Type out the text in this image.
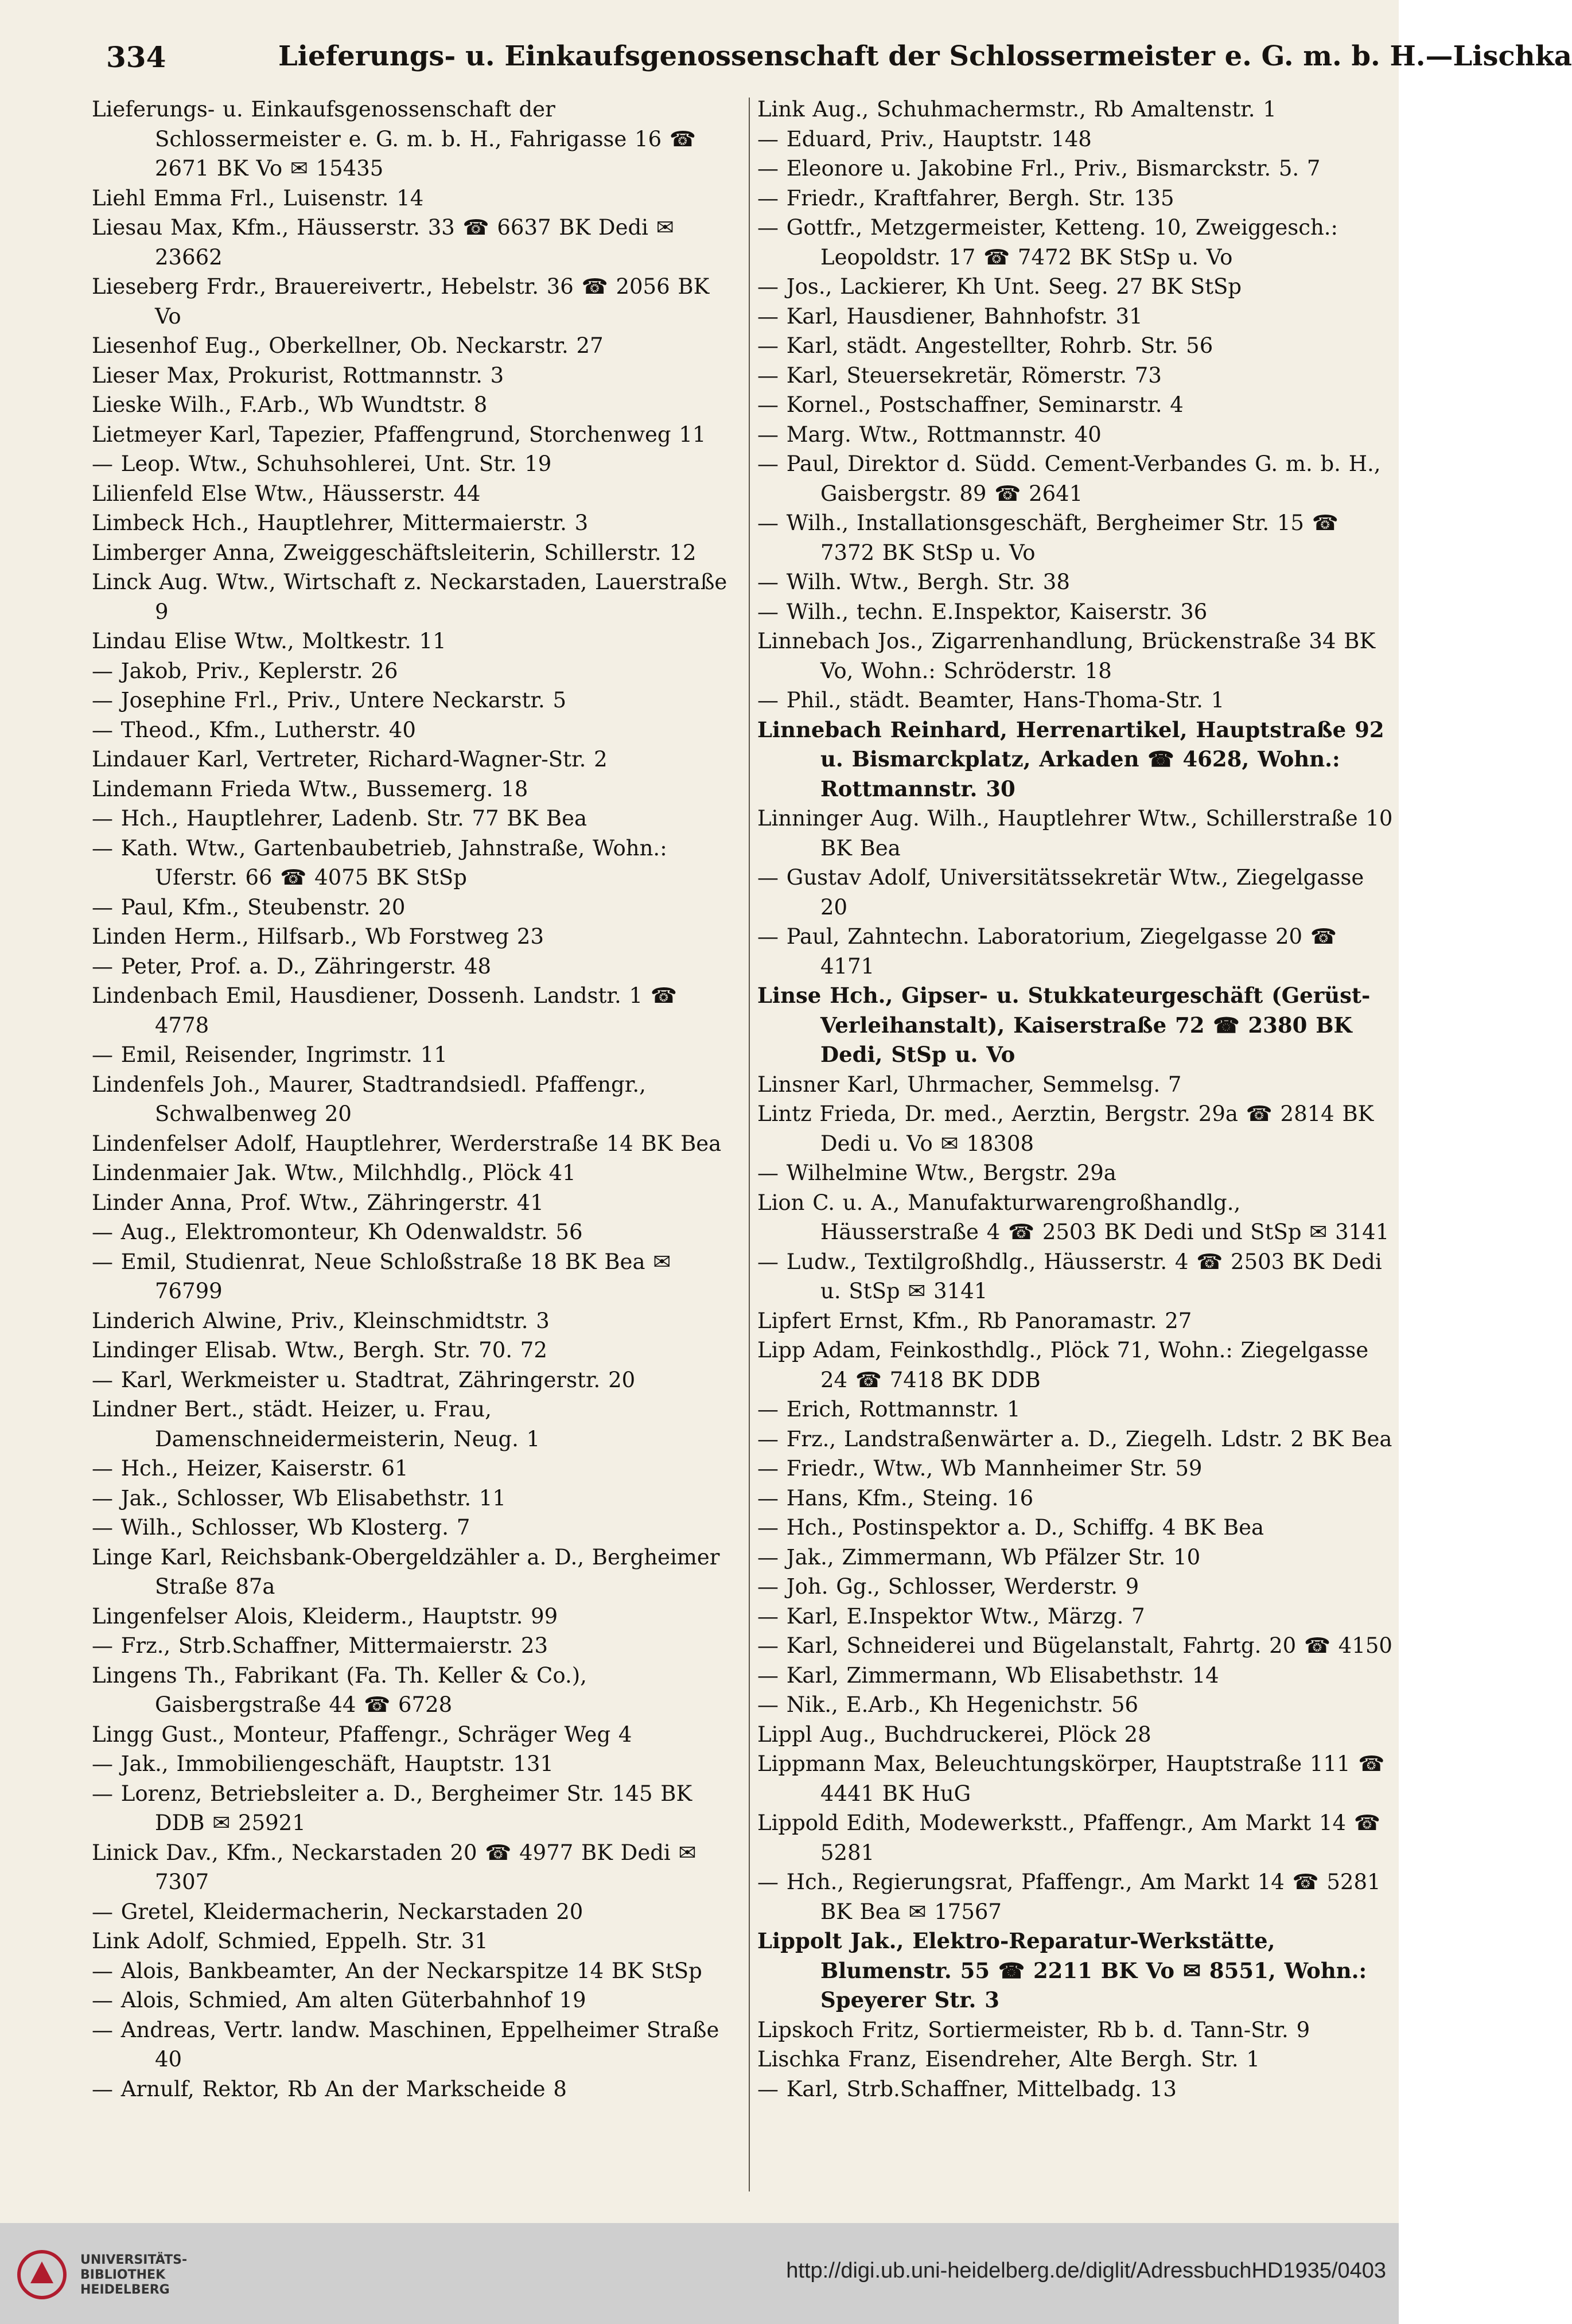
334	Lieferungs- u. Einkaufsgenossenschaft der Schlossermeister e. G. m. b. H.—Lischka
Lieferungs- u. Einkaufsgenossenschaft der Schlossermeister e. G. m. b. H., Fahrigasse 16 ☎ 2671 BK Vo ✉ 15435
Liehl Emma Frl., Luisenstr. 14
Liesau Max, Kfm., Häusserstr. 33 ☎ 6637 BK Dedi ✉ 23662
Lieseberg Frdr., Brauereivertr., Hebelstr. 36 ☎ 2056 BK Vo
Liesenhof Eug., Oberkellner, Ob. Neckarstr. 27
Lieser Max, Prokurist, Rottmannstr. 3
Lieske Wilh., F.Arb., Wb Wundtstr. 8
Lietmeyer Karl, Tapezier, Pfaffengrund, Storchenweg 11
— Leop. Wtw., Schuhsohlerei, Unt. Str. 19
Lilienfeld Else Wtw., Häusserstr. 44
Limbeck Hch., Hauptlehrer, Mittermaierstr. 3
Limberger Anna, Zweiggeschäftsleiterin, Schillerstr. 12
Linck Aug. Wtw., Wirtschaft z. Neckarstaden, Lauerstraße 9
Lindau Elise Wtw., Moltkestr. 11
— Jakob, Priv., Keplerstr. 26
— Josephine Frl., Priv., Untere Neckarstr. 5
— Theod., Kfm., Lutherstr. 40
Lindauer Karl, Vertreter, Richard-Wagner-Str. 2
Lindemann Frieda Wtw., Bussemerg. 18
— Hch., Hauptlehrer, Ladenb. Str. 77 BK Bea
— Kath. Wtw., Gartenbaubetrieb, Jahnstraße, Wohn.: Uferstr. 66 ☎ 4075 BK StSp
— Paul, Kfm., Steubenstr. 20
Linden Herm., Hilfsarb., Wb Forstweg 23
— Peter, Prof. a. D., Zähringerstr. 48
Lindenbach Emil, Hausdiener, Dossenh. Landstr. 1 ☎ 4778
— Emil, Reisender, Ingrimstr. 11
Lindenfels Joh., Maurer, Stadtrandsiedl. Pfaffengr., Schwalbenweg 20
Lindenfelser Adolf, Hauptlehrer, Werderstraße 14 BK Bea
Lindenmaier Jak. Wtw., Milchhdlg., Plöck 41
Linder Anna, Prof. Wtw., Zähringerstr. 41
— Aug., Elektromonteur, Kh Odenwaldstr. 56
— Emil, Studienrat, Neue Schloßstraße 18 BK Bea ✉ 76799
Linderich Alwine, Priv., Kleinschmidtstr. 3
Lindinger Elisab. Wtw., Bergh. Str. 70. 72
— Karl, Werkmeister u. Stadtrat, Zähringerstr. 20
Lindner Bert., städt. Heizer, u. Frau, Damenschneidermeisterin, Neug. 1
— Hch., Heizer, Kaiserstr. 61
— Jak., Schlosser, Wb Elisabethstr. 11
— Wilh., Schlosser, Wb Klosterg. 7
Linge Karl, Reichsbank-Obergeldzähler a. D., Bergheimer Straße 87a
Lingenfelser Alois, Kleiderm., Hauptstr. 99
— Frz., Strb.Schaffner, Mittermaierstr. 23
Lingens Th., Fabrikant (Fa. Th. Keller & Co.), Gaisbergstraße 44 ☎ 6728
Lingg Gust., Monteur, Pfaffengr., Schräger Weg 4
— Jak., Immobiliengeschäft, Hauptstr. 131
— Lorenz, Betriebsleiter a. D., Bergheimer Str. 145 BK DDB ✉ 25921
Linick Dav., Kfm., Neckarstaden 20 ☎ 4977 BK Dedi ✉ 7307
— Gretel, Kleidermacherin, Neckarstaden 20
Link Adolf, Schmied, Eppelh. Str. 31
— Alois, Bankbeamter, An der Neckarspitze 14 BK StSp
— Alois, Schmied, Am alten Güterbahnhof 19
— Andreas, Vertr. landw. Maschinen, Eppelheimer Straße 40
— Arnulf, Rektor, Rb An der Markscheide 8
Link Aug., Schuhmachermstr., Rb Amaltenstr. 1
— Eduard, Priv., Hauptstr. 148
— Eleonore u. Jakobine Frl., Priv., Bismarckstr. 5. 7
— Friedr., Kraftfahrer, Bergh. Str. 135
— Gottfr., Metzgermeister, Ketteng. 10, Zweiggesch.: Leopoldstr. 17 ☎ 7472 BK StSp u. Vo
— Jos., Lackierer, Kh Unt. Seeg. 27 BK StSp
— Karl, Hausdiener, Bahnhofstr. 31
— Karl, städt. Angestellter, Rohrb. Str. 56
— Karl, Steuersekretär, Römerstr. 73
— Kornel., Postschaffner, Seminarstr. 4
— Marg. Wtw., Rottmannstr. 40
— Paul, Direktor d. Südd. Cement-Verbandes G. m. b. H., Gaisbergstr. 89 ☎ 2641
— Wilh., Installationsgeschäft, Bergheimer Str. 15 ☎ 7372 BK StSp u. Vo
— Wilh. Wtw., Bergh. Str. 38
— Wilh., techn. E.Inspektor, Kaiserstr. 36
Linnebach Jos., Zigarrenhandlung, Brückenstraße 34 BK Vo, Wohn.: Schröderstr. 18
— Phil., städt. Beamter, Hans-Thoma-Str. 1
Linnebach Reinhard, Herrenartikel, Hauptstraße 92 u. Bismarckplatz, Arkaden ☎ 4628, Wohn.: Rottmannstr. 30
Linninger Aug. Wilh., Hauptlehrer Wtw., Schillerstraße 10 BK Bea
— Gustav Adolf, Universitätssekretär Wtw., Ziegelgasse 20
— Paul, Zahntechn. Laboratorium, Ziegelgasse 20 ☎ 4171
Linse Hch., Gipser- u. Stukkateurgeschäft (Gerüst-Verleihanstalt), Kaiserstraße 72 ☎ 2380 BK Dedi, StSp u. Vo
Linsner Karl, Uhrmacher, Semmelsg. 7
Lintz Frieda, Dr. med., Aerztin, Bergstr. 29a ☎ 2814 BK Dedi u. Vo ✉ 18308
— Wilhelmine Wtw., Bergstr. 29a
Lion C. u. A., Manufakturwarengroßhandlg., Häusserstraße 4 ☎ 2503 BK Dedi und StSp ✉ 3141
— Ludw., Textilgroßhdlg., Häusserstr. 4 ☎ 2503 BK Dedi u. StSp ✉ 3141
Lipfert Ernst, Kfm., Rb Panoramastr. 27
Lipp Adam, Feinkosthdlg., Plöck 71, Wohn.: Ziegelgasse 24 ☎ 7418 BK DDB
— Erich, Rottmannstr. 1
— Frz., Landstraßenwärter a. D., Ziegelh. Ldstr. 2 BK Bea
— Friedr., Wtw., Wb Mannheimer Str. 59
— Hans, Kfm., Steing. 16
— Hch., Postinspektor a. D., Schiffg. 4 BK Bea
— Jak., Zimmermann, Wb Pfälzer Str. 10
— Joh. Gg., Schlosser, Werderstr. 9
— Karl, E.Inspektor Wtw., Märzg. 7
— Karl, Schneiderei und Bügelanstalt, Fahrtg. 20 ☎ 4150
— Karl, Zimmermann, Wb Elisabethstr. 14
— Nik., E.Arb., Kh Hegenichstr. 56
Lippl Aug., Buchdruckerei, Plöck 28
Lippmann Max, Beleuchtungskörper, Hauptstraße 111 ☎ 4441 BK HuG
Lippold Edith, Modewerkstt., Pfaffengr., Am Markt 14 ☎ 5281
— Hch., Regierungsrat, Pfaffengr., Am Markt 14 ☎ 5281 BK Bea ✉ 17567
Lippolt Jak., Elektro-Reparatur-Werkstätte, Blumenstr. 55 ☎ 2211 BK Vo ✉ 8551, Wohn.: Speyerer Str. 3
Lipskoch Fritz, Sortiermeister, Rb b. d. Tann-Str. 9
Lischka Franz, Eisendreher, Alte Bergh. Str. 1
— Karl, Strb.Schaffner, Mittelbadg. 13
UNIVERSITÄTS-
BIBLIOTHEK
HEIDELBERG
http://digi.ub.uni-heidelberg.de/diglit/AdressbuchHD1935/0403
